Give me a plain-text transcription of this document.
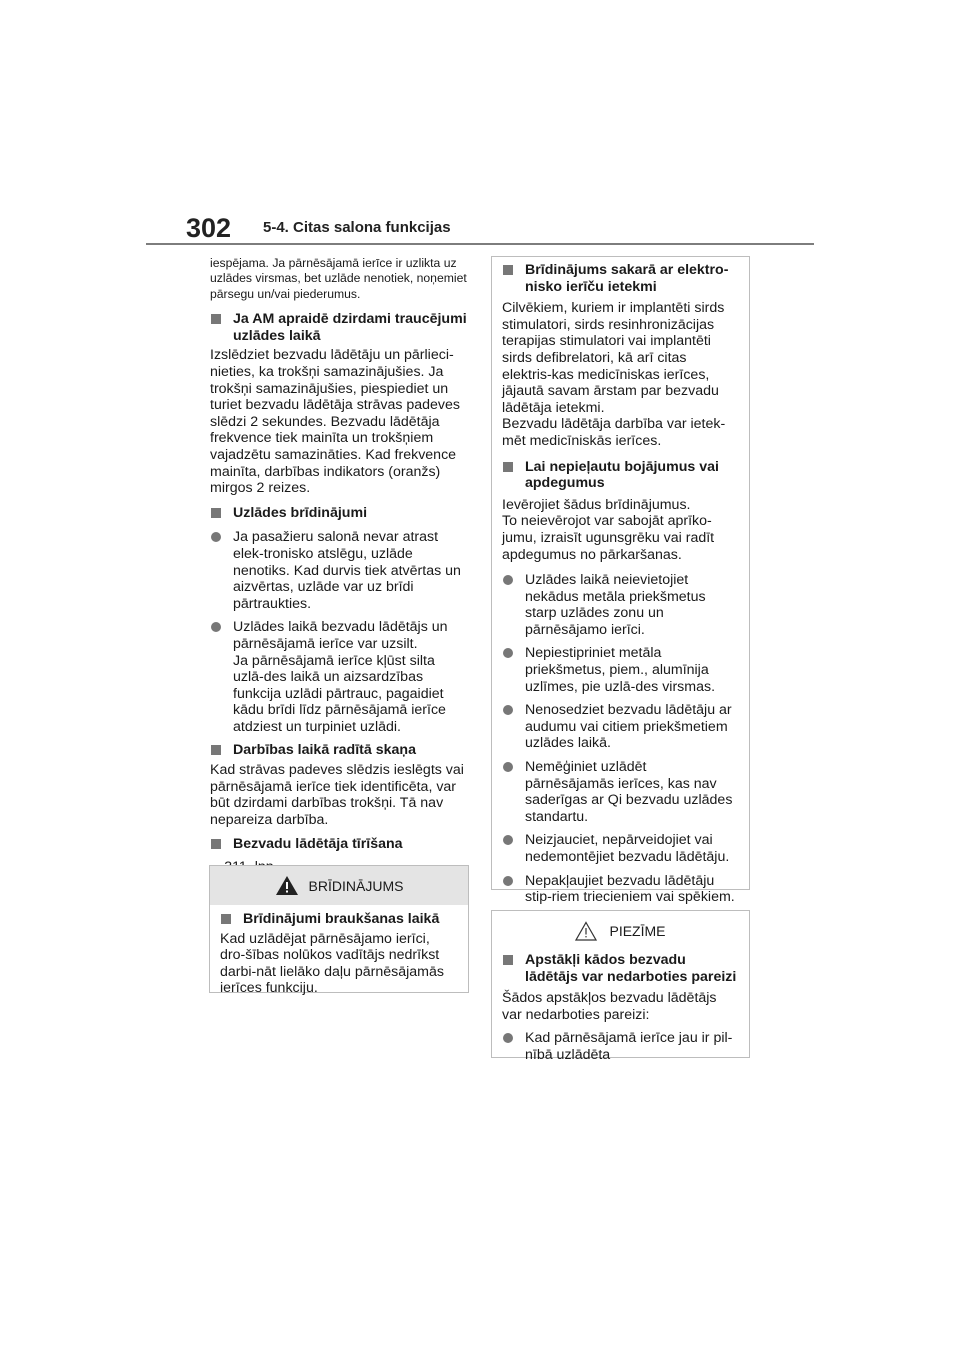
302 5-4. Citas salona funkcijas

iespējama. Ja pārnēsājamā ierīce ir uzlikta uz uzlādes virsmas, bet uzlāde nenotiek, noņemiet pārsegu un/vai piederumus.

Ja AM apraidē dzirdami traucējumi uzlādes laikā

Izslēdziet bezvadu lādētāju un pārlieci-nieties, ka trokšņi samazinājušies. Ja trokšņi samazinājušies, piespiediet un turiet bezvadu lādētāja strāvas padeves slēdzi 2 sekundes. Bezvadu lādētāja frekvence tiek mainīta un trokšņiem vajadzētu samazināties. Kad frekvence mainīta, darbības indikators (oranžs) mirgos 2 reizes.

Uzlādes brīdinājumi
Ja pasažieru salonā nevar atrast elek-tronisko atslēgu, uzlāde nenotiks. Kad durvis tiek atvērtas un aizvērtas, uzlāde var uz brīdi pārtraukties.
Uzlādes laikā bezvadu lādētājs un pārnēsājamā ierīce var uzsilt.
Ja pārnēsājamā ierīce kļūst silta uzlā-des laikā un aizsardzības funkcija uzlādi pārtrauc, pagaidiet kādu brīdi līdz pārnēsājamā ierīce atdziest un turpiniet uzlādi.
Darbības laikā radītā skaņa

Kad strāvas padeves slēdzis ieslēgts vai pārnēsājamā ierīce tiek identificēta, var būt dzirdami darbības trokšņi. Tā nav nepareiza darbība.

Bezvadu lādētāja tīrīšana

BRĪDINĀJUMS
Brīdinājumi braukšanas laikā

Kad uzlādējat pārnēsājamo ierīci, dro-šības nolūkos vadītājs nedrīkst darbi-nāt lielāko daļu pārnēsājamās ierīces funkciju.

Brīdinājums sakarā ar elektro-nisko ierīču ietekmi

Cilvēkiem, kuriem ir implantēti sirds stimulatori, sirds resinhronizācijas terapijas stimulatori vai implantēti sirds defibrelatori, kā arī citas elektris-kas medicīniskas ierīces, jājautā savam ārstam par bezvadu lādētāja ietekmi.

Bezvadu lādētāja darbība var ietek-mēt medicīniskās ierīces.

Lai nepieļautu bojājumus vai apdegumus

Ievērojiet šādus brīdinājumus.

To neievērojot var sabojāt aprīko-jumu, izraisīt ugunsgrēku vai radīt apdegumus no pārkaršanas.

Uzlādes laikā neievietojiet nekādus metāla priekšmetus starp uzlādes zonu un pārnēsājamo ierīci.
Nepiestipriniet metāla priekšmetus, piem., alumīnija uzlīmes, pie uzlā-des virsmas.
Nenosedziet bezvadu lādētāju ar audumu vai citiem priekšmetiem uzlādes laikā.
Nemēģiniet uzlādēt pārnēsājamās ierīces, kas nav saderīgas ar Qi bezvadu uzlādes standartu.
Neizjauciet, nepārveidojiet vai nedemontējiet bezvadu lādētāju.
Nepakļaujiet bezvadu lādētāju stip-riem triecieniem vai spēkiem.
PIEZĪME
Apstākļi kādos bezvadu lādētājs var nedarboties pareizi

Šādos apstākļos bezvadu lādētājs var nedarboties pareizi:

Kad pārnēsājamā ierīce jau ir pil-nībā uzlādēta
